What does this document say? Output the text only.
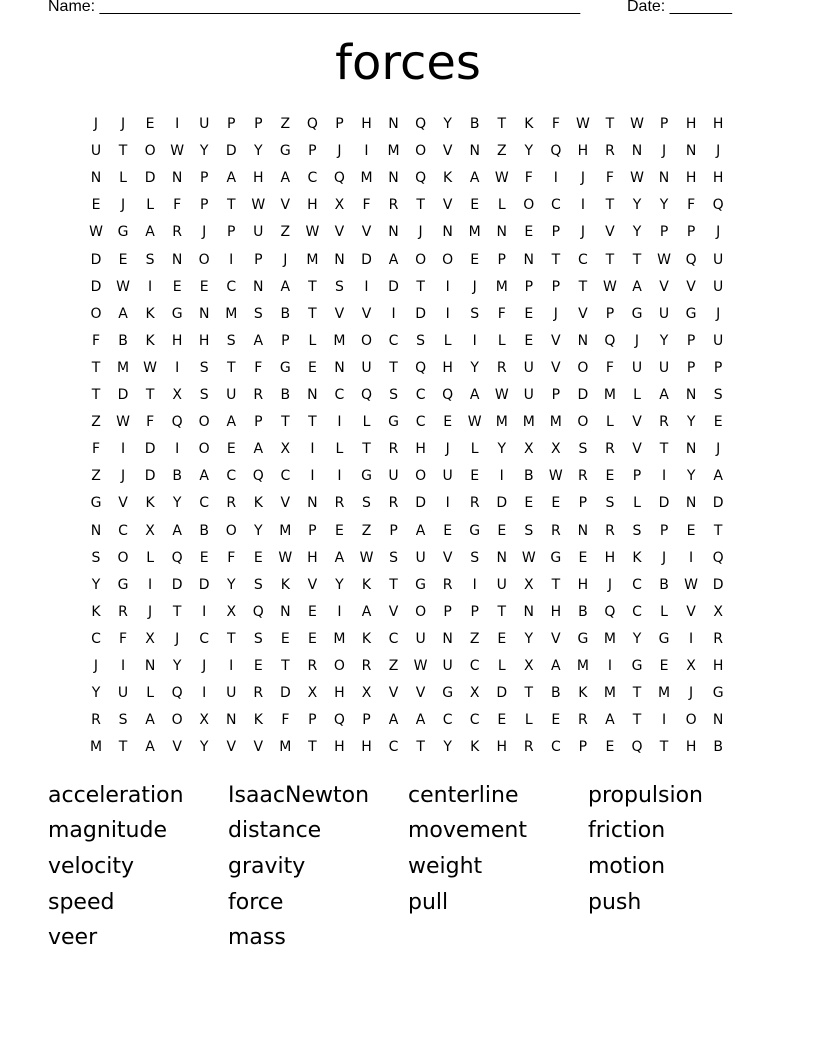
Name: ______________________________________________________	Date: _______
forces
J	J	E	I	U	P	P	Z	Q	P	H	N	Q	Y	B	T	K	F	W	T	W	P	H	H
U	T	O	W	Y	D	Y	G	P	J	I	M	O	V	N	Z	Y	Q	H	R	N	J	N	J
N	L	D	N	P	A	H	A	C	Q	M	N	Q	K	A	W	F	I	J	F	W	N	H	H
E	J	L	F	P	T	W	V	H	X	F	R	T	V	E	L	O	C	I	T	Y	Y	F	Q
W	G	A	R	J	P	U	Z	W	V	V	N	J	N	M	N	E	P	J	V	Y	P	P	J
D	E	S	N	O	I	P	J	M	N	D	A	O	O	E	P	N	T	C	T	T	W	Q	U
D	W	I	E	E	C	N	A	T	S	I	D	T	I	J	M	P	P	T	W	A	V	V	U
O	A	K	G	N	M	S	B	T	V	V	I	D	I	S	F	E	J	V	P	G	U	G	J
F	B	K	H	H	S	A	P	L	M	O	C	S	L	I	L	E	V	N	Q	J	Y	P	U
T	M	W	I	S	T	F	G	E	N	U	T	Q	H	Y	R	U	V	O	F	U	U	P	P
T	D	T	X	S	U	R	B	N	C	Q	S	C	Q	A	W	U	P	D	M	L	A	N	S
Z	W	F	Q	O	A	P	T	T	I	L	G	C	E	W	M	M	M	O	L	V	R	Y	E
F	I	D	I	O	E	A	X	I	L	T	R	H	J	L	Y	X	X	S	R	V	T	N	J
Z	J	D	B	A	C	Q	C	I	I	G	U	O	U	E	I	B	W	R	E	P	I	Y	A
G	V	K	Y	C	R	K	V	N	R	S	R	D	I	R	D	E	E	P	S	L	D	N	D
N	C	X	A	B	O	Y	M	P	E	Z	P	A	E	G	E	S	R	N	R	S	P	E	T
S	O	L	Q	E	F	E	W	H	A	W	S	U	V	S	N	W	G	E	H	K	J	I	Q
Y	G	I	D	D	Y	S	K	V	Y	K	T	G	R	I	U	X	T	H	J	C	B	W	D
K	R	J	T	I	X	Q	N	E	I	A	V	O	P	P	T	N	H	B	Q	C	L	V	X
C	F	X	J	C	T	S	E	E	M	K	C	U	N	Z	E	Y	V	G	M	Y	G	I	R
J	I	N	Y	J	I	E	T	R	O	R	Z	W	U	C	L	X	A	M	I	G	E	X	H
Y	U	L	Q	I	U	R	D	X	H	X	V	V	G	X	D	T	B	K	M	T	M	J	G
R	S	A	O	X	N	K	F	P	Q	P	A	A	C	C	E	L	E	R	A	T	I	O	N
M	T	A	V	Y	V	V	M	T	H	H	C	T	Y	K	H	R	C	P	E	Q	T	H	B
acceleration	IsaacNewton	centerline	propulsion
magnitude	distance	movement	friction
velocity	gravity	weight	motion
speed	force	pull	push
veer	mass
